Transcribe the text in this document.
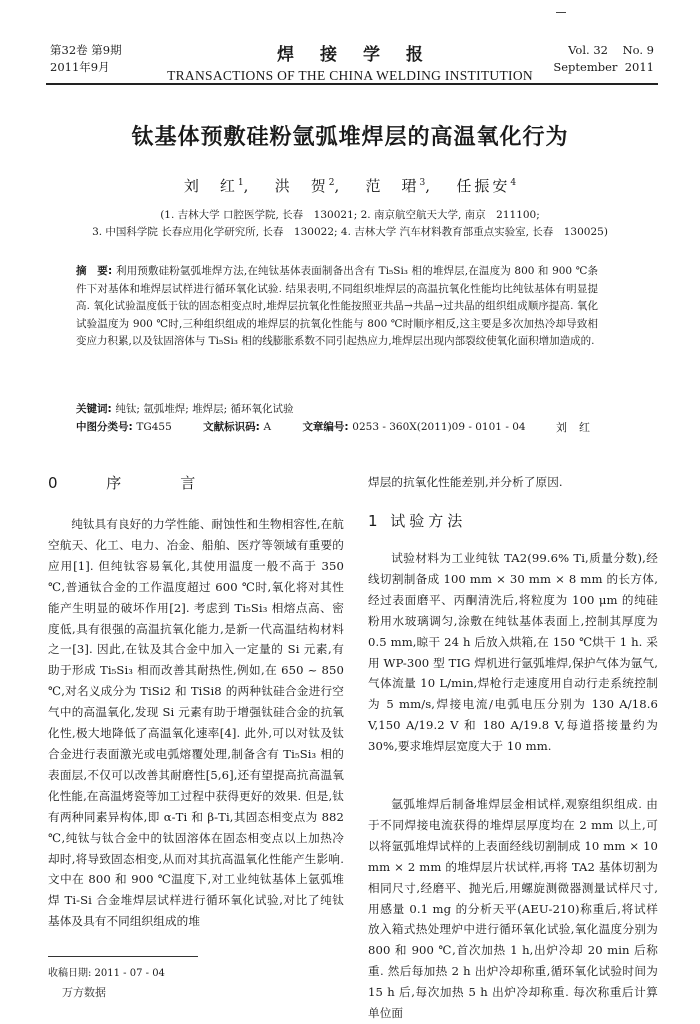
第32卷 第9期
2011年9月
焊接学报
TRANSACTIONS OF THE CHINA WELDING INSTITUTION
Vol. 32    No. 9
September  2011
钛基体预敷硅粉氩弧堆焊层的高温氧化行为
刘　红$^1$,   洪　贺$^2$,   范　珺$^3$,   任振安$^4$
(1. 吉林大学 口腔医学院, 长春　130021; 2. 南京航空航天大学, 南京　211100;
3. 中国科学院 长春应用化学研究所, 长春　130022; 4. 吉林大学 汽车材料教育部重点实验室, 长春　130025)
摘　要: 利用预敷硅粉氩弧堆焊方法,在纯钛基体表面制备出含有 Ti₅Si₃ 相的堆焊层,在温度为 800 和 900 ℃条件下对基体和堆焊层试样进行循环氧化试验. 结果表明,不同组织堆焊层的高温抗氧化性能均比纯钛基体有明显提高. 氧化试验温度低于钛的固态相变点时,堆焊层抗氧化性能按照亚共晶→共晶→过共晶的组织组成顺序提高. 氧化试验温度为 900 ℃时,三种组织组成的堆焊层的抗氧化性能与 800 ℃时顺序相反,这主要是多次加热冷却导致相变应力积累,以及钛固溶体与 Ti₅Si₃ 相的线膨胀系数不同引起热应力,堆焊层出现内部裂纹使氧化面积增加造成的.
关键词: 纯钛; 氩弧堆焊; 堆焊层; 循环氧化试验
中图分类号: TG455	文献标识码: A	文章编号: 0253 - 360X(2011)09 - 0101 - 04	刘红
0 序　言
纯钛具有良好的力学性能、耐蚀性和生物相容性,在航空航天、化工、电力、冶金、船舶、医疗等领域有重要的应用[1]. 但纯钛容易氧化,其使用温度一般不高于 350 ℃,普通钛合金的工作温度超过 600 ℃时,氧化将对其性能产生明显的破坏作用[2]. 考虑到 Ti₅Si₃ 相熔点高、密度低,具有很强的高温抗氧化能力,是新一代高温结构材料之一[3]. 因此,在钛及其合金中加入一定量的 Si 元素,有助于形成 Ti₅Si₃ 相而改善其耐热性,例如,在 650 ~ 850 ℃,对名义成分为 TiSi2 和 TiSi8 的两种钛硅合金进行空气中的高温氧化,发现 Si 元素有助于增强钛硅合金的抗氧化性,极大地降低了高温氧化速率[4]. 此外,可以对钛及钛合金进行表面激光或电弧熔覆处理,制备含有 Ti₅Si₃ 相的表面层,不仅可以改善其耐磨性[5,6],还有望提高抗高温氧化性能,在高温烤瓷等加工过程中获得更好的效果. 但是,钛有两种同素异构体,即 α-Ti 和 β-Ti,其固态相变点为 882 ℃,纯钛与钛合金中的钛固溶体在固态相变点以上加热冷却时,将导致固态相变,从而对其抗高温氧化性能产生影响. 文中在 800 和 900 ℃温度下,对工业纯钛基体上氩弧堆焊 Ti-Si 合金堆焊层试样进行循环氧化试验,对比了纯钛基体及具有不同组织组成的堆
焊层的抗氧化性能差别,并分析了原因.
1 试验方法
试验材料为工业纯钛 TA2(99.6% Ti,质量分数),经线切割制备成 100 mm × 30 mm × 8 mm 的长方体,经过表面磨平、丙酮清洗后,将粒度为 100 μm 的纯硅粉用水玻璃调匀,涂敷在纯钛基体表面上,控制其厚度为 0.5 mm,晾干 24 h 后放入烘箱,在 150 ℃烘干 1 h. 采用 WP-300 型 TIG 焊机进行氩弧堆焊,保护气体为氩气,气体流量 10 L/min,焊枪行走速度用自动行走系统控制为 5 mm/s,焊接电流/电弧电压分别为 130 A/18.6 V,150 A/19.2 V 和 180 A/19.8 V,每道搭接量约为 30%,要求堆焊层宽度大于 10 mm.
氩弧堆焊后制备堆焊层金相试样,观察组织组成. 由于不同焊接电流获得的堆焊层厚度均在 2 mm 以上,可以将氩弧堆焊试样的上表面经线切割制成 10 mm × 10 mm × 2 mm 的堆焊层片状试样,再将 TA2 基体切割为相同尺寸,经磨平、抛光后,用螺旋测微器测量试样尺寸,用感量 0.1 mg 的分析天平(AEU-210)称重后,将试样放入箱式热处理炉中进行循环氧化试验,氧化温度分别为 800 和 900 ℃,首次加热 1 h,出炉冷却 20 min 后称重. 然后每加热 2 h 出炉冷却称重,循环氧化试验时间为 15 h 后,每次加热 5 h 出炉冷却称重. 每次称重后计算单位面
收稿日期: 2011 - 07 - 04
万方数据
